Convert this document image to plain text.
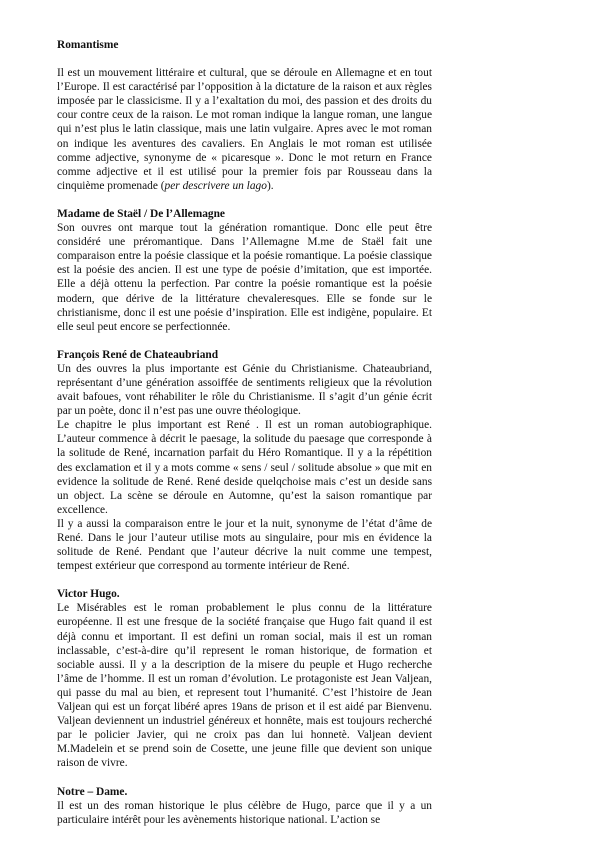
Romantisme

Il est un mouvement littéraire et cultural, que se déroule en Allemagne et en tout l’Europe. Il est caractérisé par l’opposition à la dictature de la raison et aux règles imposée par le classicisme. Il y a l’exaltation du moi, des passion et des droits du cour contre ceux de la raison. Le mot roman indique la langue roman, une langue qui n’est plus le latin classique, mais une latin vulgaire. Apres avec le mot roman on indique les aventures des cavaliers. En Anglais le mot roman est utilisée comme adjective, synonyme de « picaresque ». Donc le mot return en France comme adjective et il est utilisé pour la premier fois par Rousseau dans la cinquième promenade (per descrivere un lago).

Madame de Staël / De l’Allemagne

Son ouvres ont marque tout la génération romantique. Donc elle peut être considéré une préromantique. Dans l’Allemagne M.me de Staël fait une comparaison entre la poésie classique et la poésie romantique. La poésie classique est la poésie des ancien. Il est une type de poésie d’imitation, que est importée. Elle a déjà ottenu la perfection. Par contre la poésie romantique est la poésie modern, que dérive de la littérature chevaleresques. Elle se fonde sur le christianisme, donc il est une poésie d’inspiration. Elle est indigène, populaire. Et elle seul peut encore se perfectionnée.

François René de Chateaubriand

Un des ouvres la plus importante est Génie du Christianisme. Chateaubriand, représentant d’une génération assoiffée de sentiments religieux que la révolution avait bafoues, vont réhabiliter le rôle du Christianisme. Il s’agit d’un génie écrit par un poète, donc il n’est pas une ouvre théologique.

Le chapitre le plus important est René . Il est un roman autobiographique. L’auteur commence à décrit le paesage, la solitude du paesage que corresponde à la solitude de René, incarnation parfait du Héro Romantique. Il y a la répétition des exclamation et il y a mots comme « sens / seul / solitude absolue » que mit en evidence la solitude de René. René deside quelqchoise mais c’est un deside sans un object. La scène se déroule en Automne, qu’est la saison romantique par excellence.

Il y a aussi la comparaison entre le jour et la nuit, synonyme de l’état d’âme de René. Dans le jour l’auteur utilise mots au singulaire, pour mis en évidence la solitude de René. Pendant que l’auteur décrive la nuit comme une tempest, tempest extérieur que correspond au tormente intérieur de René.

Victor Hugo.

Le Misérables est le roman probablement le plus connu de la littérature européenne. Il est une fresque de la société française que Hugo fait quand il est déjà connu et important. Il est defini un roman social, mais il est un roman inclassable, c’est-à-dire qu’il represent le roman historique, de formation et sociable aussi. Il y a la description de la misere du peuple et Hugo recherche l’âme de l’homme. Il est un roman d’évolution. Le protagoniste est Jean Valjean, qui passe du mal au bien, et represent tout l’humanité. C’est l’histoire de Jean Valjean qui est un forçat libéré apres 19ans de prison et il est aidé par Bienvenu. Valjean deviennent un industriel généreux et honnête, mais est toujours recherché par le policier Javier, qui ne croix pas dan lui honnetè. Valjean devient M.Madelein et se prend soin de Cosette, une jeune fille que devient son unique raison de vivre.

Notre – Dame.

Il est un des roman historique le plus célèbre de Hugo, parce que il y a un particulaire intérêt pour les avènements historique national. L’action se
